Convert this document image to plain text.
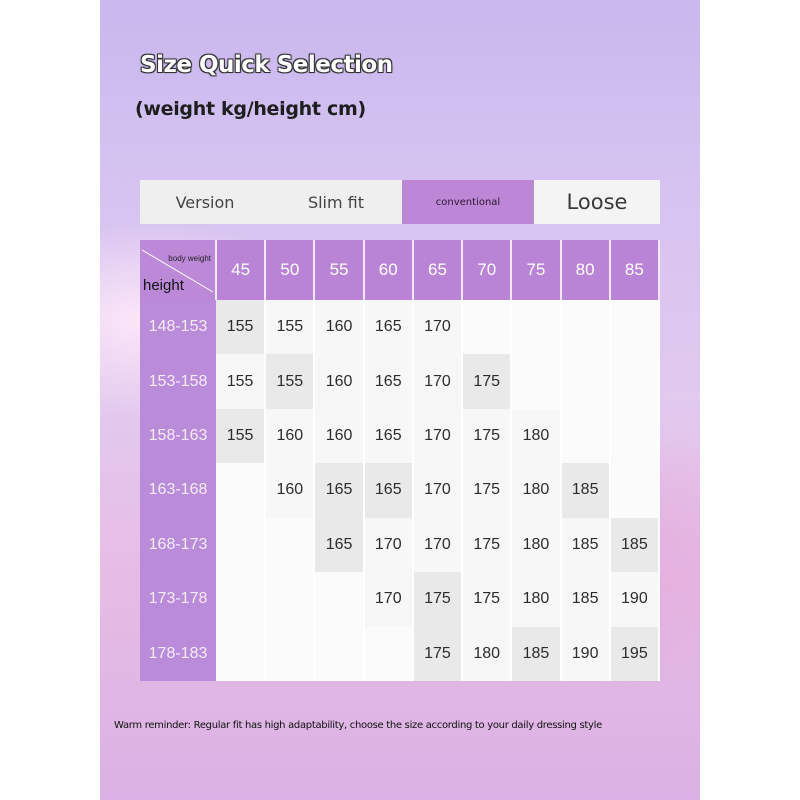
Size Quick Selection

(weight kg/height cm)

Version	Slim fit	conventional	Loose
body weight
height	45	50	55	60	65	70	75	80	85
148-153	155	155	160	165	170				
153-158	155	155	160	165	170	175			
158-163	155	160	160	165	170	175	180		
163-168		160	165	165	170	175	180	185	
168-173			165	170	170	175	180	185	185
173-178				170	175	175	180	185	190
178-183					175	180	185	190	195

Warm reminder: Regular fit has high adaptability, choose the size according to your daily dressing style
